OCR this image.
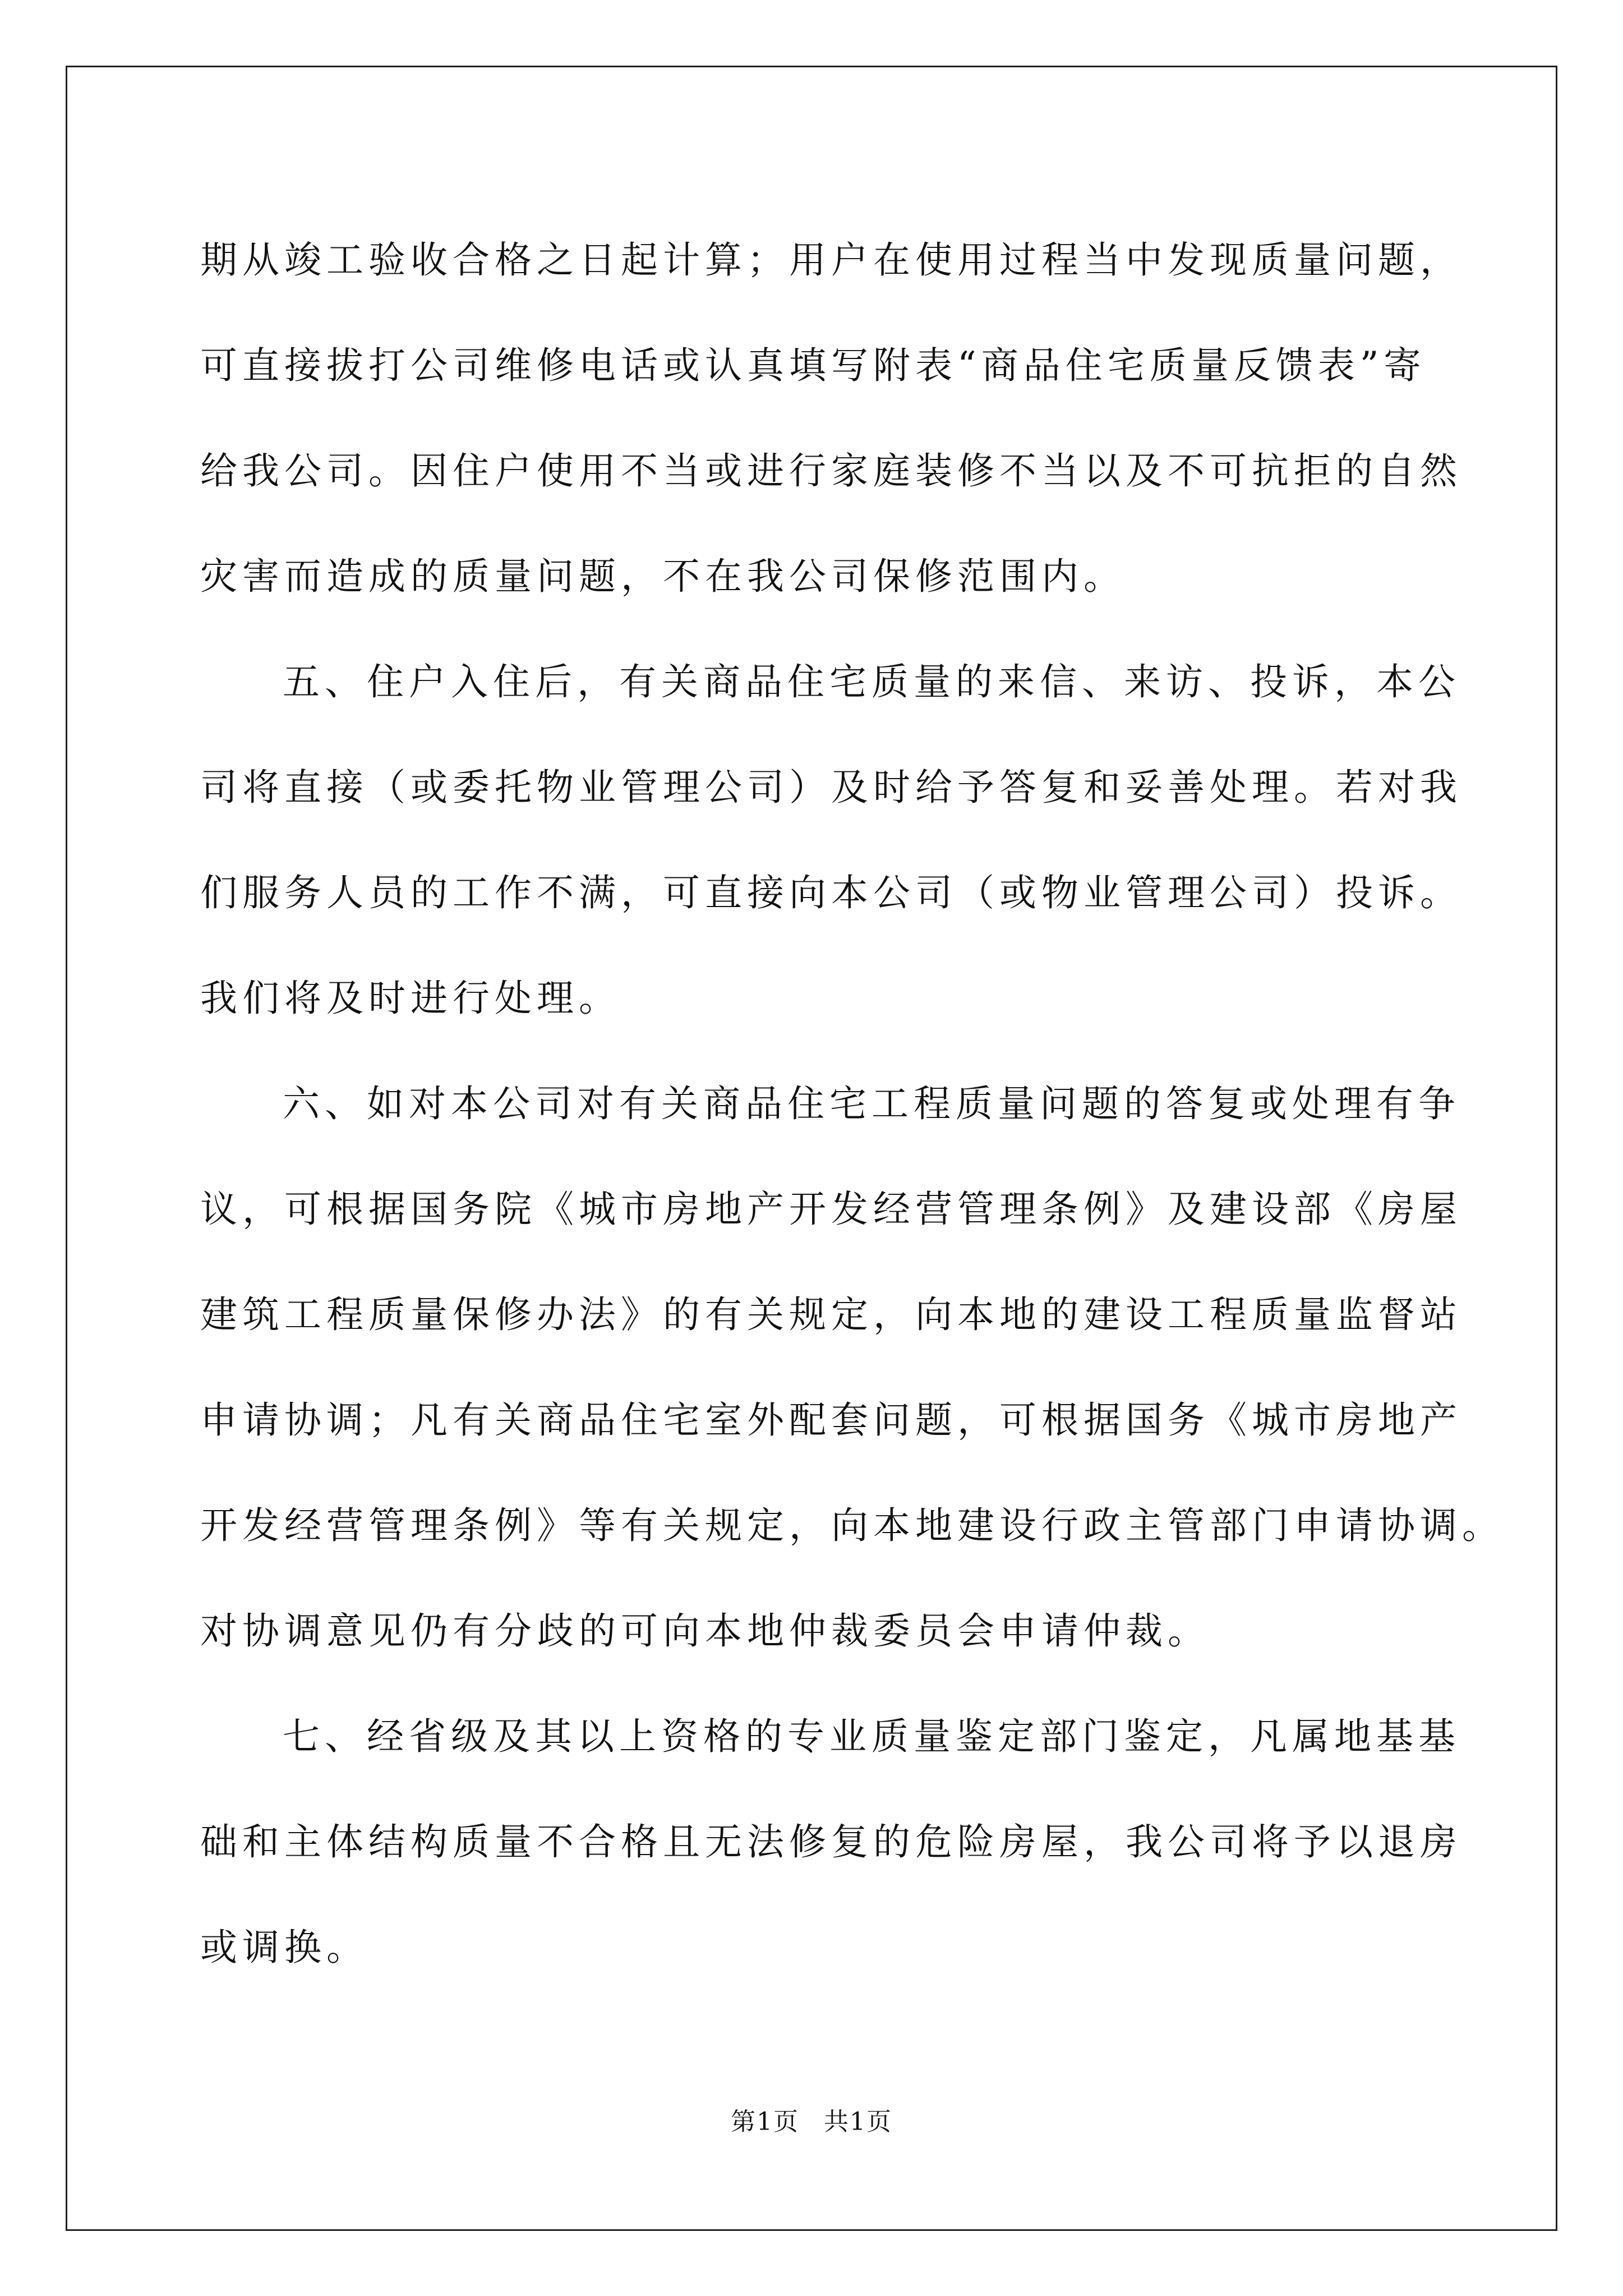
期从竣工验收合格之日起计算；用户在使用过程当中发现质量问题，
可直接拔打公司维修电话或认真填写附表“商品住宅质量反馈表”寄
给我公司。因住户使用不当或进行家庭装修不当以及不可抗拒的自然
灾害而造成的质量问题，不在我公司保修范围内。
五、住户入住后，有关商品住宅质量的来信、来访、投诉，本公
司将直接（或委托物业管理公司）及时给予答复和妥善处理。若对我
们服务人员的工作不满，可直接向本公司（或物业管理公司）投诉。
我们将及时进行处理。
六、如对本公司对有关商品住宅工程质量问题的答复或处理有争
议，可根据国务院《城市房地产开发经营管理条例》及建设部《房屋
建筑工程质量保修办法》的有关规定，向本地的建设工程质量监督站
申请协调；凡有关商品住宅室外配套问题，可根据国务《城市房地产
开发经营管理条例》等有关规定，向本地建设行政主管部门申请协调。
对协调意见仍有分歧的可向本地仲裁委员会申请仲裁。
七、经省级及其以上资格的专业质量鉴定部门鉴定，凡属地基基
础和主体结构质量不合格且无法修复的危险房屋，我公司将予以退房
或调换。
第1页 共1页
